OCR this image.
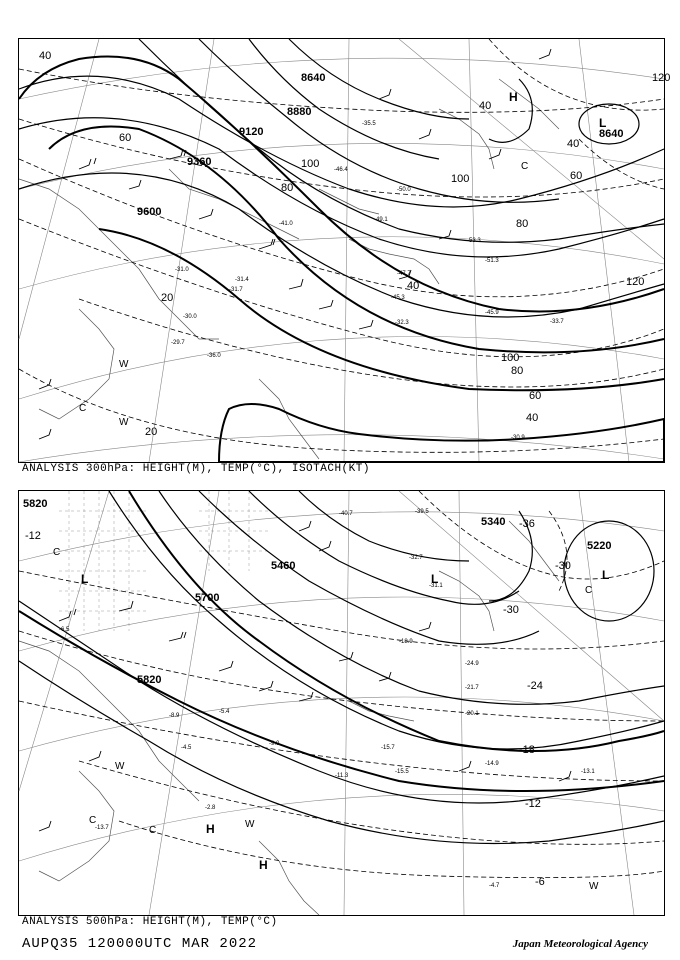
8640
8880
9120
9360
9600
8640
120
100
80
60
40
20
100
80
60
40
20
40
40
60
80
100
120
40
-36.0
-30.9
-33.7
-45.9
-32.3
-35.5
-53.3
-51.3
-47.7
-45.3
-41.0
-31.4
-31.7
-31.0
-30.0
-29.7
-49.1
-50.0
-46.4
H
L
W
W
C
C
ANALYSIS 300hPa: HEIGHT(M), TEMP(°C), ISOTACH(KT)
5820
5700
5460
5340
5220
5820
-12
-30
-36
-30
-24
-18
-12
-6
-40.7	-39.5
-32.7
-31.1
-24.9
-21.7
-20.1
-18.9
-15.7
-15.5
-14.9
-13.1
-11.3
-9.0
-6.5
-4.7
-4.5
-2.8
-5.4
-8.9
-13.7
L	L
H
H
L
W
W
W
C
C
C
C
ANALYSIS 500hPa: HEIGHT(M), TEMP(°C)
AUPQ35 120000UTC MAR 2022	Japan Meteorological Agency
